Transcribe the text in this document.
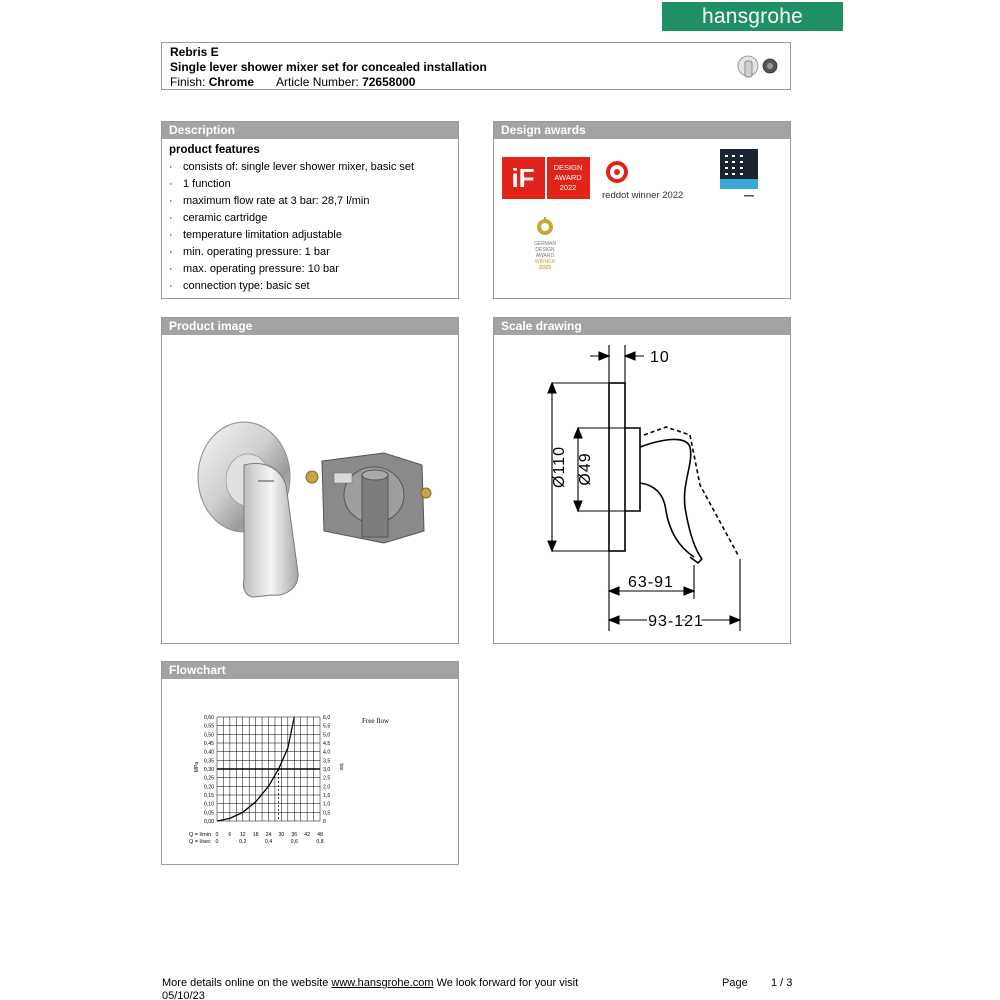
hansgrohe
Rebris E
Single lever shower mixer set for concealed installation
Finish: Chrome Article Number: 72658000
Description
product features
· consists of: single lever shower mixer, basic set
· 1 function
· maximum flow rate at 3 bar: 28,7 l/min
· ceramic cartridge
· temperature limitation adjustable
· min. operating pressure: 1 bar
· max. operating pressure: 10 bar
· connection type: basic set
Design awards
iF	DESIGN
AWARD
2022
reddot winner 2022
GERMAN
DESIGN
AWARD
WINNER
2023
Product image	Scale drawing
10
Ø110 Ø49
63-91
93-121
Flowchart
0,60	6,0
0,55	5,5
0,50	5,0
0,45	4,5
0,40	4,0
0,35	3,5
0,30	3,0
0,25	2,5
0,20	2,0
0,15	1,5
0,10	1,0
0,05	0,5
0,00	0
0 6 12 18 24 30 36 42 48
0	0,2	0,4	0,6	0,8
Free flow
MPa	bar
Q = l/min
Q = l/sec
More details online on the website www.hansgrohe.com We look forward for your visit	Page 1 / 3
05/10/23
